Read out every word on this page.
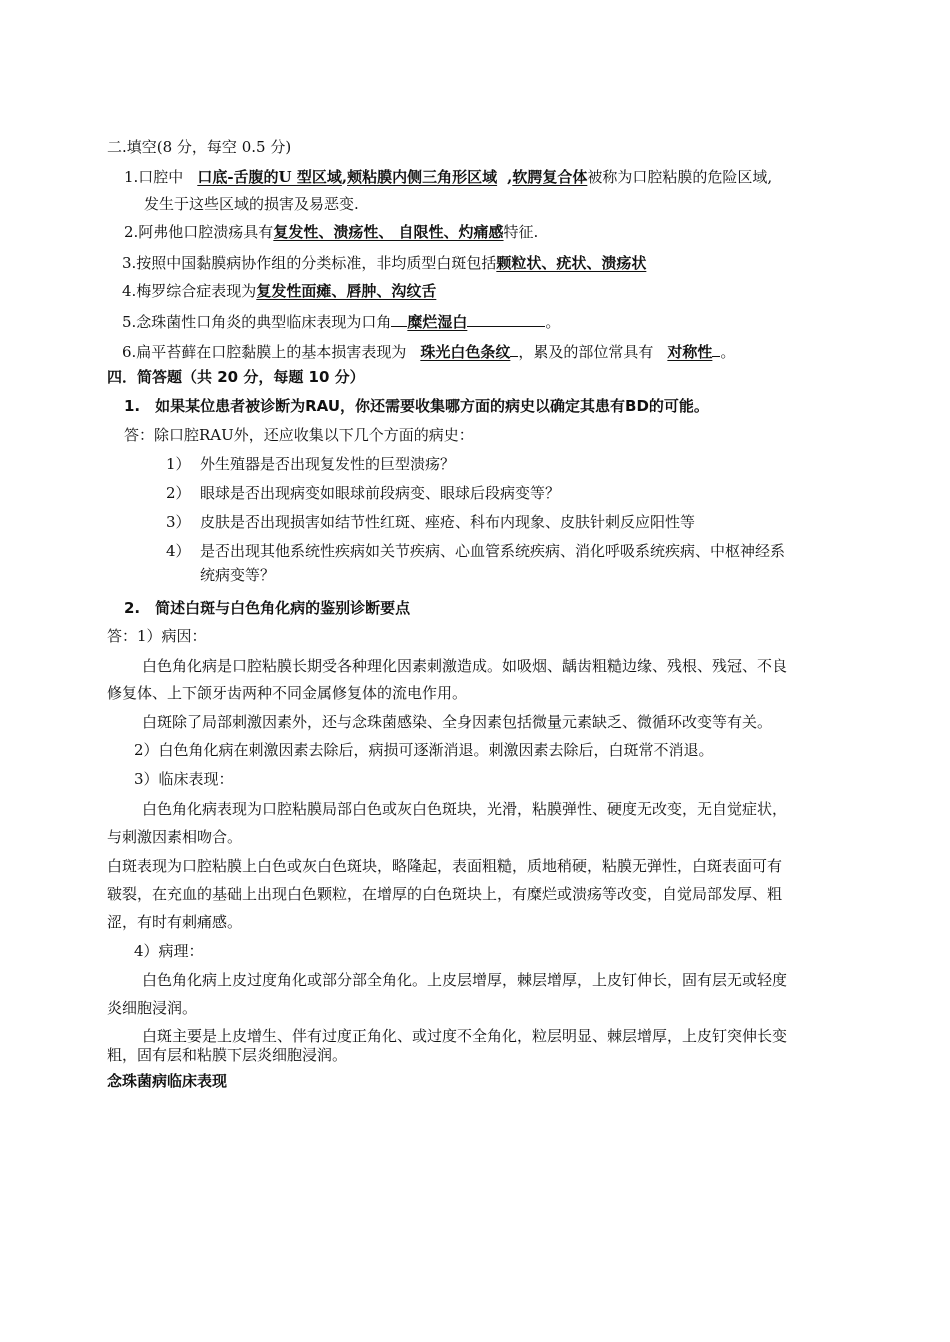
二.填空(8 分，每空 0.5 分)
1.口腔中 口底-舌腹的U 型区域,颊粘膜内侧三角形区域 ,软腭复合体被称为口腔粘膜的危险区域,
发生于这些区域的损害及易恶变.
2.阿弗他口腔溃疡具有复发性、溃疡性、 自限性、灼痛感特征.
3.按照中国黏膜病协作组的分类标准，非均质型白斑包括颗粒状、疣状、溃疡状
4.梅罗综合症表现为复发性面瘫、唇肿、沟纹舌
5.念珠菌性口角炎的典型临床表现为口角 糜烂湿白	。
6.扁平苔藓在口腔黏膜上的基本损害表现为 珠光白色条纹 ，累及的部位常具有 对称性 。
四．简答题（共 20 分，每题 10 分）
1.　如果某位患者被诊断为RAU，你还需要收集哪方面的病史以确定其患有BD的可能。
答：除口腔RAU外，还应收集以下几个方面的病史：
1） 外生殖器是否出现复发性的巨型溃疡？
2） 眼球是否出现病变如眼球前段病变、眼球后段病变等？
3） 皮肤是否出现损害如结节性红斑、痤疮、科布内现象、皮肤针刺反应阳性等
4） 是否出现其他系统性疾病如关节疾病、心血管系统疾病、消化呼吸系统疾病、中枢神经系
统病变等？
2.　简述白斑与白色角化病的鉴别诊断要点
答：1）病因：
白色角化病是口腔粘膜长期受各种理化因素刺激造成。如吸烟、龋齿粗糙边缘、残根、残冠、不良
修复体、上下颌牙齿两种不同金属修复体的流电作用。
白斑除了局部刺激因素外，还与念珠菌感染、全身因素包括微量元素缺乏、微循环改变等有关。
2）白色角化病在刺激因素去除后，病损可逐渐消退。刺激因素去除后，白斑常不消退。
3）临床表现：
白色角化病表现为口腔粘膜局部白色或灰白色斑块，光滑，粘膜弹性、硬度无改变，无自觉症状，
与刺激因素相吻合。
白斑表现为口腔粘膜上白色或灰白色斑块，略隆起，表面粗糙，质地稍硬，粘膜无弹性，白斑表面可有
皲裂，在充血的基础上出现白色颗粒，在增厚的白色斑块上，有糜烂或溃疡等改变，自觉局部发厚、粗
涩，有时有刺痛感。
4）病理：
白色角化病上皮过度角化或部分部全角化。上皮层增厚，棘层增厚，上皮钉伸长，固有层无或轻度
炎细胞浸润。
白斑主要是上皮增生、伴有过度正角化、或过度不全角化，粒层明显、棘层增厚，上皮钉突伸长变
粗，固有层和粘膜下层炎细胞浸润。
念珠菌病临床表现
